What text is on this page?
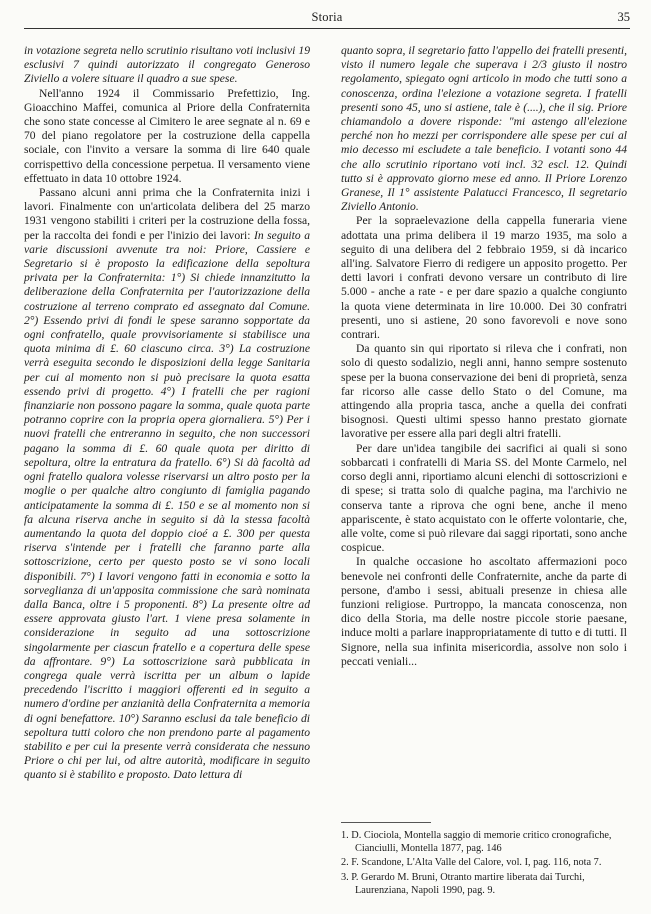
Storia	35

in votazione segreta nello scrutinio risultano voti inclusivi 19 esclusivi 7 quindi autorizzato il congregato Generoso Ziviello a volere situare il quadro a sue spese.

Nell'anno 1924 il Commissario Prefettizio, Ing. Gioacchino Maffei, comunica al Priore della Confraternita che sono state concesse al Cimitero le aree segnate al n. 69 e 70 del piano regolatore per la costruzione della cappella sociale, con l'invito a versare la somma di lire 640 quale corrispettivo della concessione perpetua. Il versamento viene effettuato in data 10 ottobre 1924.

Passano alcuni anni prima che la Confraternita inizi i lavori. Finalmente con un'articolata delibera del 25 marzo 1931 vengono stabiliti i criteri per la costruzione della fossa, per la raccolta dei fondi e per l'inizio dei lavori: In seguito a varie discussioni avvenute tra noi: Priore, Cassiere e Segretario si è proposto la edificazione della sepoltura privata per la Confraternita: 1°) Si chiede innanzitutto la deliberazione della Confraternita per l'autorizzazione della costruzione al terreno comprato ed assegnato dal Comune. 2°) Essendo privi di fondi le spese saranno sopportate da ogni confratello, quale provvisoriamente si stabilisce una quota minima di £. 60 ciascuno circa. 3°) La costruzione verrà eseguita secondo le disposizioni della legge Sanitaria per cui al momento non si può precisare la quota esatta essendo privi di progetto. 4°) I fratelli che per ragioni finanziarie non possono pagare la somma, quale quota parte potranno coprire con la propria opera giornaliera. 5°) Per i nuovi fratelli che entreranno in seguito, che non successori pagano la somma di £. 60 quale quota per diritto di sepoltura, oltre la entratura da fratello. 6°) Si dà facoltà ad ogni fratello qualora volesse riservarsi un altro posto per la moglie o per qualche altro congiunto di famiglia pagando anticipatamente la somma di £. 150 e se al momento non si fa alcuna riserva anche in seguito si dà la stessa facoltà aumentando la quota del doppio cioé a £. 300 per questa riserva s'intende per i fratelli che faranno parte alla sottoscrizione, certo per questo posto se vi sono locali disponibili. 7°) I lavori vengono fatti in economia e sotto la sorveglianza di un'apposita commissione che sarà nominata dalla Banca, oltre i 5 proponenti. 8°) La presente oltre ad essere approvata giusto l'art. 1 viene presa solamente in considerazione in seguito ad una sottoscrizione singolarmente per ciascun fratello e a copertura delle spese da affrontare. 9°) La sottoscrizione sarà pubblicata in congrega quale verrà iscritta per un album o lapide precedendo l'iscritto i maggiori offerenti ed in seguito a numero d'ordine per anzianità della Confraternita a memoria di ogni benefattore. 10°) Saranno esclusi da tale beneficio di sepoltura tutti coloro che non prendono parte al pagamento stabilito e per cui la presente verrà considerata che nessuno Priore o chi per lui, od altre autorità, modificare in seguito quanto si è stabilito e proposto. Dato lettura di

quanto sopra, il segretario fatto l'appello dei fratelli presenti, visto il numero legale che superava i 2/3 giusto il nostro regolamento, spiegato ogni articolo in modo che tutti sono a conoscenza, ordina l'elezione a votazione segreta. I fratelli presenti sono 45, uno si astiene, tale è (....), che il sig. Priore chiamandolo a dovere risponde: "mi astengo all'elezione perché non ho mezzi per corrispondere alle spese per cui al mio decesso mi escludete a tale beneficio. I votanti sono 44 che allo scrutinio riportano voti incl. 32 escl. 12. Quindi tutto si è approvato giorno mese ed anno. Il Priore Lorenzo Granese, Il 1° assistente Palatucci Francesco, Il segretario Ziviello Antonio.

Per la sopraelevazione della cappella funeraria viene adottata una prima delibera il 19 marzo 1935, ma solo a seguito di una delibera del 2 febbraio 1959, si dà incarico all'ing. Salvatore Fierro di redigere un apposito progetto. Per detti lavori i confrati devono versare un contributo di lire 5.000 - anche a rate - e per dare spazio a qualche congiunto la quota viene determinata in lire 10.000. Dei 30 confratri presenti, uno si astiene, 20 sono favorevoli e nove sono contrari.

Da quanto sin qui riportato si rileva che i confrati, non solo di questo sodalizio, negli anni, hanno sempre sostenuto spese per la buona conservazione dei beni di proprietà, senza far ricorso alle casse dello Stato o del Comune, ma attingendo alla propria tasca, anche a quella dei confrati bisognosi. Questi ultimi spesso hanno prestato giornate lavorative per essere alla pari degli altri fratelli.

Per dare un'idea tangibile dei sacrifici ai quali si sono sobbarcati i confratelli di Maria SS. del Monte Carmelo, nel corso degli anni, riportiamo alcuni elenchi di sottoscrizioni e di spese; si tratta solo di qualche pagina, ma l'archivio ne conserva tante a riprova che ogni bene, anche il meno appariscente, è stato acquistato con le offerte volontarie, che, alle volte, come si può rilevare dai saggi riportati, sono anche cospicue.

In qualche occasione ho ascoltato affermazioni poco benevole nei confronti delle Confraternite, anche da parte di persone, d'ambo i sessi, abituali presenze in chiesa alle funzioni religiose. Purtroppo, la mancata conoscenza, non dico della Storia, ma delle nostre piccole storie paesane, induce molti a parlare inappropriatamente di tutto e di tutti. Il Signore, nella sua infinita misericordia, assolve non solo i peccati veniali...

1. D. Ciociola, Montella saggio di memorie critico cronografiche, Cianciulli, Montella 1877, pag. 146

2. F. Scandone, L'Alta Valle del Calore, vol. I, pag. 116, nota 7.

3. P. Gerardo M. Bruni, Otranto martire liberata dai Turchi, Laurenziana, Napoli 1990, pag. 9.
